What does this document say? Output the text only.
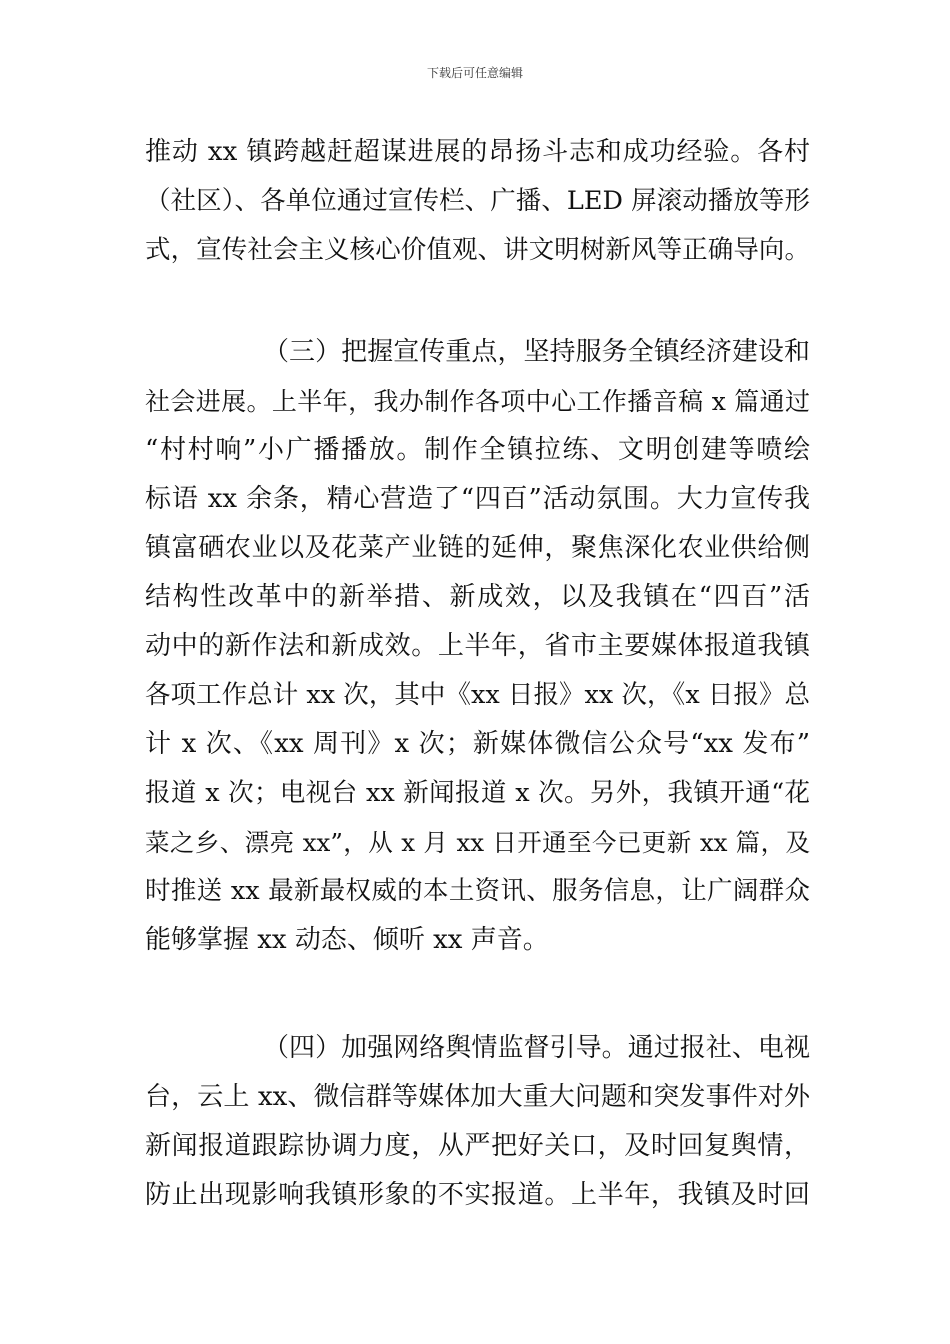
下载后可任意编辑
推动 xx 镇跨越赶超谋进展的昂扬斗志和成功经验。各村
（社区）、各单位通过宣传栏、广播、LED 屏滚动播放等形
式，宣传社会主义核心价值观、讲文明树新风等正确导向。
（三）把握宣传重点，坚持服务全镇经济建设和
社会进展。上半年，我办制作各项中心工作播音稿 x 篇通过
“村村响”小广播播放。制作全镇拉练、文明创建等喷绘
标语 xx 余条，精心营造了“四百”活动氛围。大力宣传我
镇富硒农业以及花菜产业链的延伸，聚焦深化农业供给侧
结构性改革中的新举措、新成效，以及我镇在“四百”活
动中的新作法和新成效。上半年，省市主要媒体报道我镇
各项工作总计 xx 次，其中《xx 日报》xx 次，《x 日报》总
计 x 次、《xx 周刊》x 次；新媒体微信公众号“xx 发布”
报道 x 次；电视台 xx 新闻报道 x 次。另外，我镇开通“花
菜之乡、漂亮 xx”，从 x 月 xx 日开通至今已更新 xx 篇，及
时推送 xx 最新最权威的本土资讯、服务信息，让广阔群众
能够掌握 xx 动态、倾听 xx 声音。
（四）加强网络舆情监督引导。通过报社、电视
台，云上 xx、微信群等媒体加大重大问题和突发事件对外
新闻报道跟踪协调力度，从严把好关口，及时回复舆情，
防止出现影响我镇形象的不实报道。上半年，我镇及时回
